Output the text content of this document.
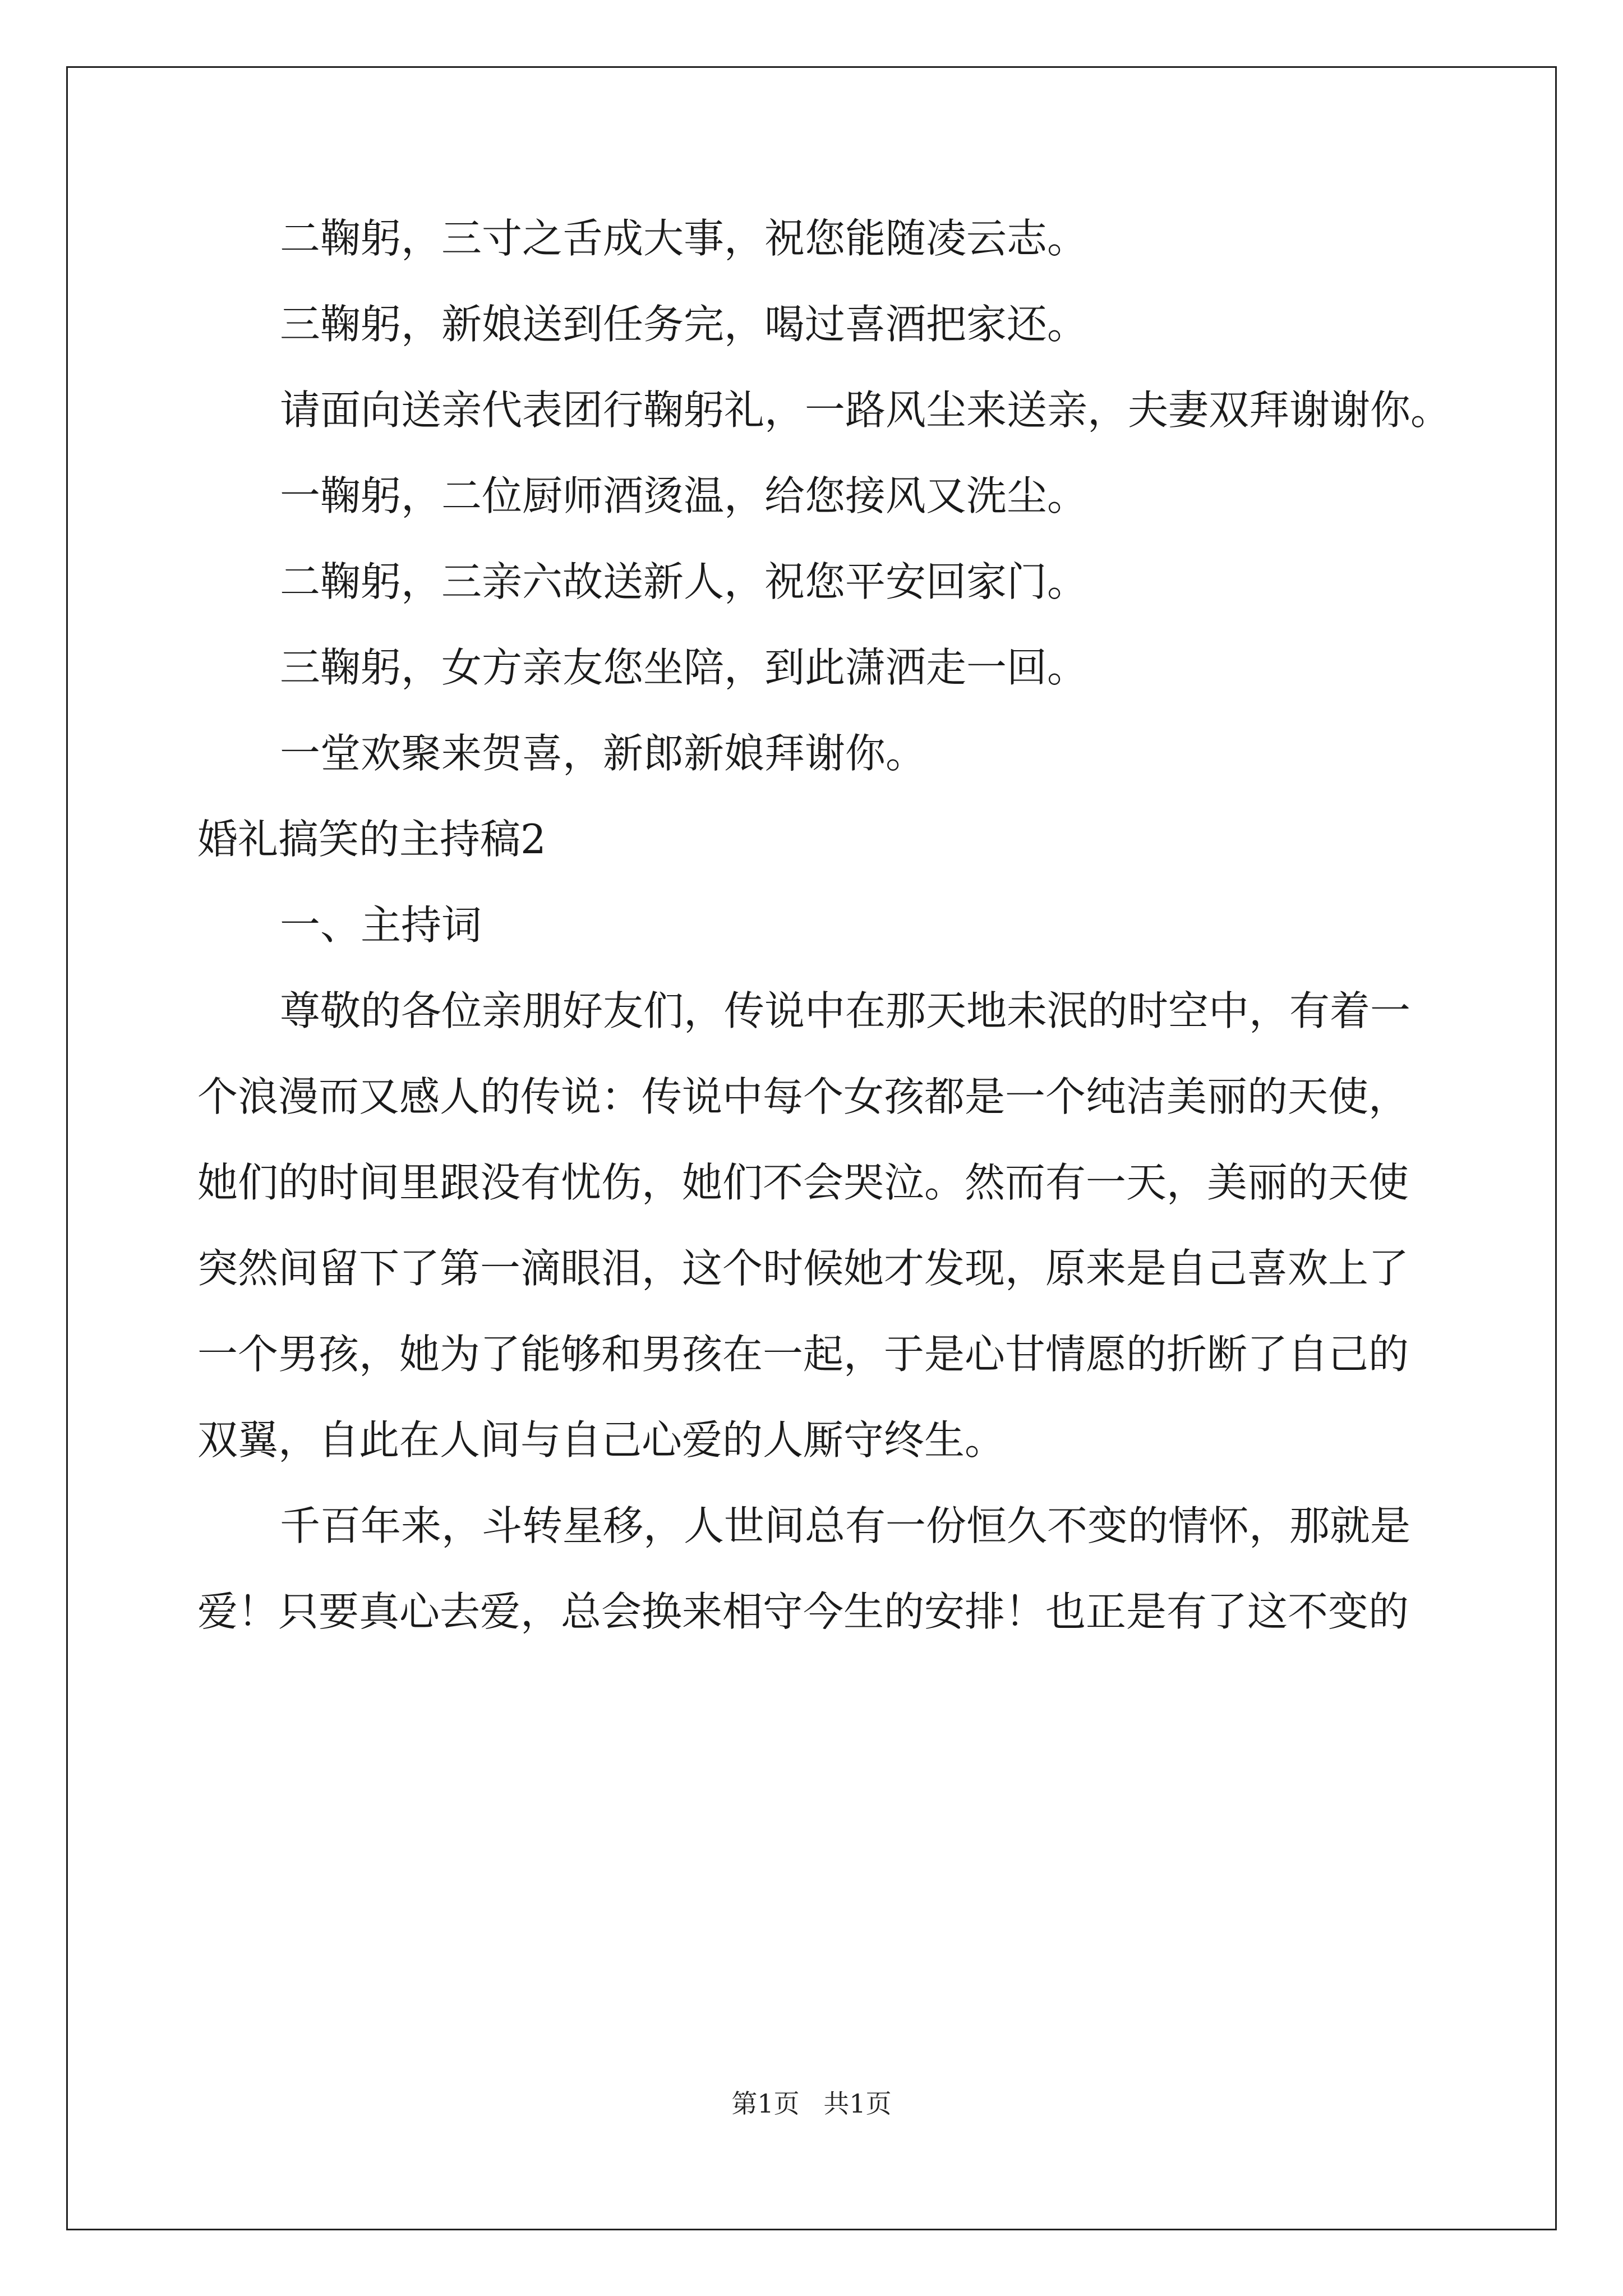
二鞠躬，三寸之舌成大事，祝您能随凌云志。

三鞠躬，新娘送到任务完，喝过喜酒把家还。

请面向送亲代表团行鞠躬礼，一路风尘来送亲，夫妻双拜谢谢你。

一鞠躬，二位厨师酒烫温，给您接风又洗尘。

二鞠躬，三亲六故送新人，祝您平安回家门。

三鞠躬，女方亲友您坐陪，到此潇洒走一回。

一堂欢聚来贺喜，新郎新娘拜谢你。

婚礼搞笑的主持稿2

一、主持词

尊敬的各位亲朋好友们，传说中在那天地未泯的时空中，有着一

个浪漫而又感人的传说：传说中每个女孩都是一个纯洁美丽的天使，

她们的时间里跟没有忧伤，她们不会哭泣。然而有一天，美丽的天使

突然间留下了第一滴眼泪，这个时候她才发现，原来是自己喜欢上了

一个男孩，她为了能够和男孩在一起，于是心甘情愿的折断了自己的

双翼，自此在人间与自己心爱的人厮守终生。

千百年来，斗转星移，人世间总有一份恒久不变的情怀，那就是

爱！只要真心去爱，总会换来相守今生的安排！也正是有了这不变的

第1页 共1页
